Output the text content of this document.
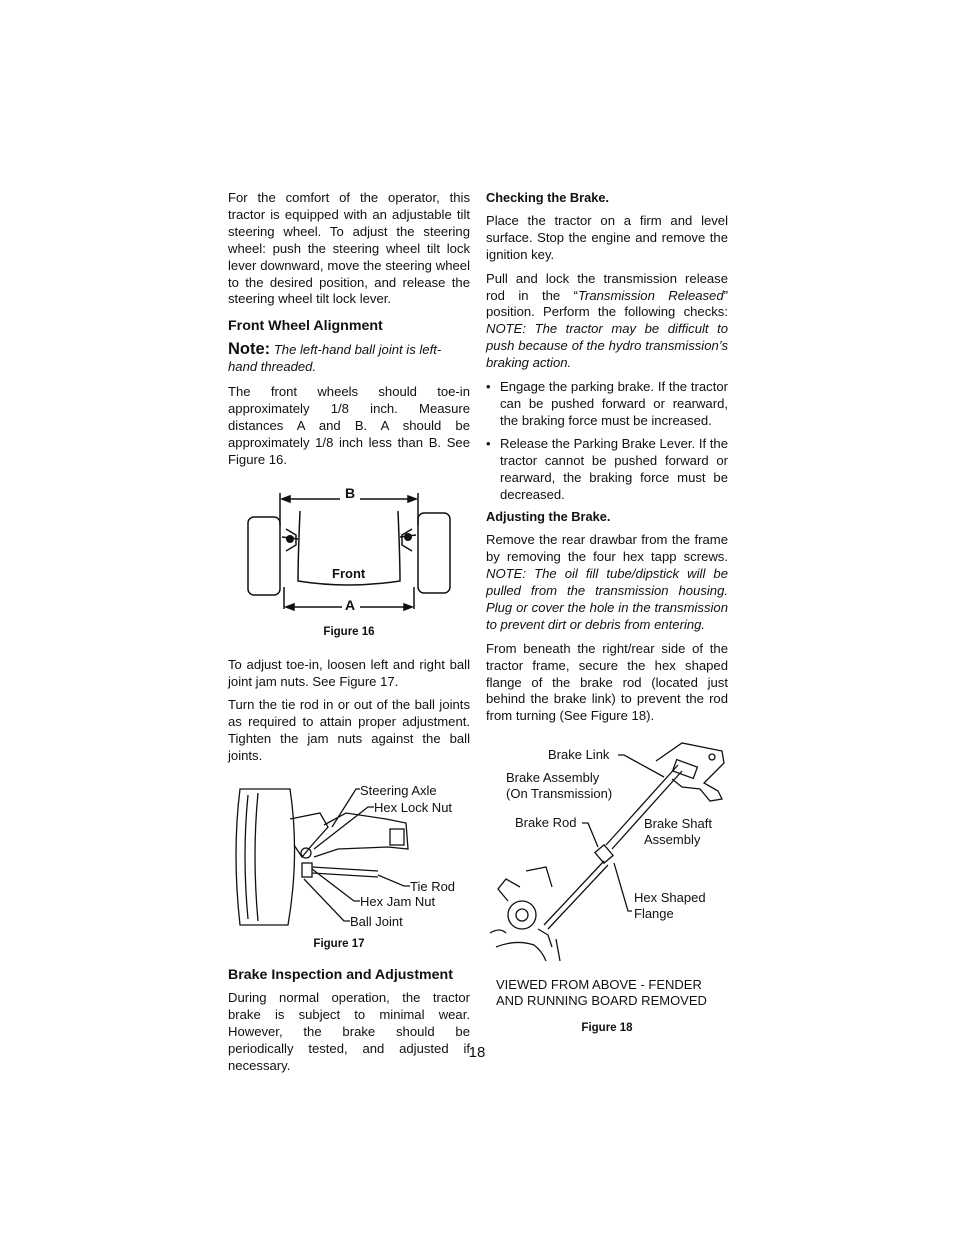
For the comfort of the operator, this tractor is equipped with an adjustable tilt steering wheel. To adjust the steering wheel: push the steering wheel tilt lock lever downward, move the steering wheel to the desired position, and release the steering wheel tilt lock lever.

Front Wheel Alignment

Note: The left-hand ball joint is left-hand threaded.

The front wheels should toe-in approximately 1/8 inch. Measure distances A and B. A should be approximately 1/8 inch less than B. See Figure 16.

B
Front
A
Figure 16

To adjust toe-in, loosen left and right ball joint jam nuts. See Figure 17.

Turn the tie rod in or out of the ball joints as required to attain proper adjustment. Tighten the jam nuts against the ball joints.

Steering Axle
Hex Lock Nut
Tie Rod
Hex Jam Nut
Ball Joint
Figure 17
Brake Inspection and Adjustment

During normal operation, the tractor brake is subject to minimal wear. However, the brake should be periodically tested, and adjusted if necessary.

Checking the Brake.

Place the tractor on a firm and level surface. Stop the engine and remove the ignition key.

Pull and lock the transmission release rod in the “Transmission Released” position. Perform the following checks: NOTE: The tractor may be difficult to push because of the hydro transmission’s braking action.

• Engage the parking brake. If the tractor can be pushed forward or rearward, the braking force must be increased.
• Release the Parking Brake Lever. If the tractor cannot be pushed forward or rearward, the braking force must be decreased.
Adjusting the Brake.

Remove the rear drawbar from the frame by removing the four hex tapp screws. NOTE: The oil fill tube/dipstick will be pulled from the transmission housing. Plug or cover the hole in the transmission to prevent dirt or debris from entering.

From beneath the right/rear side of the tractor frame, secure the hex shaped flange of the brake rod (located just behind the brake link) to prevent the rod from turning (See Figure 18).

Brake Link
Brake Assembly
(On Transmission)
Brake Rod	Brake Shaft
Assembly
Hex Shaped
Flange
VIEWED FROM ABOVE - FENDER
AND RUNNING BOARD REMOVED
Figure 18
18
